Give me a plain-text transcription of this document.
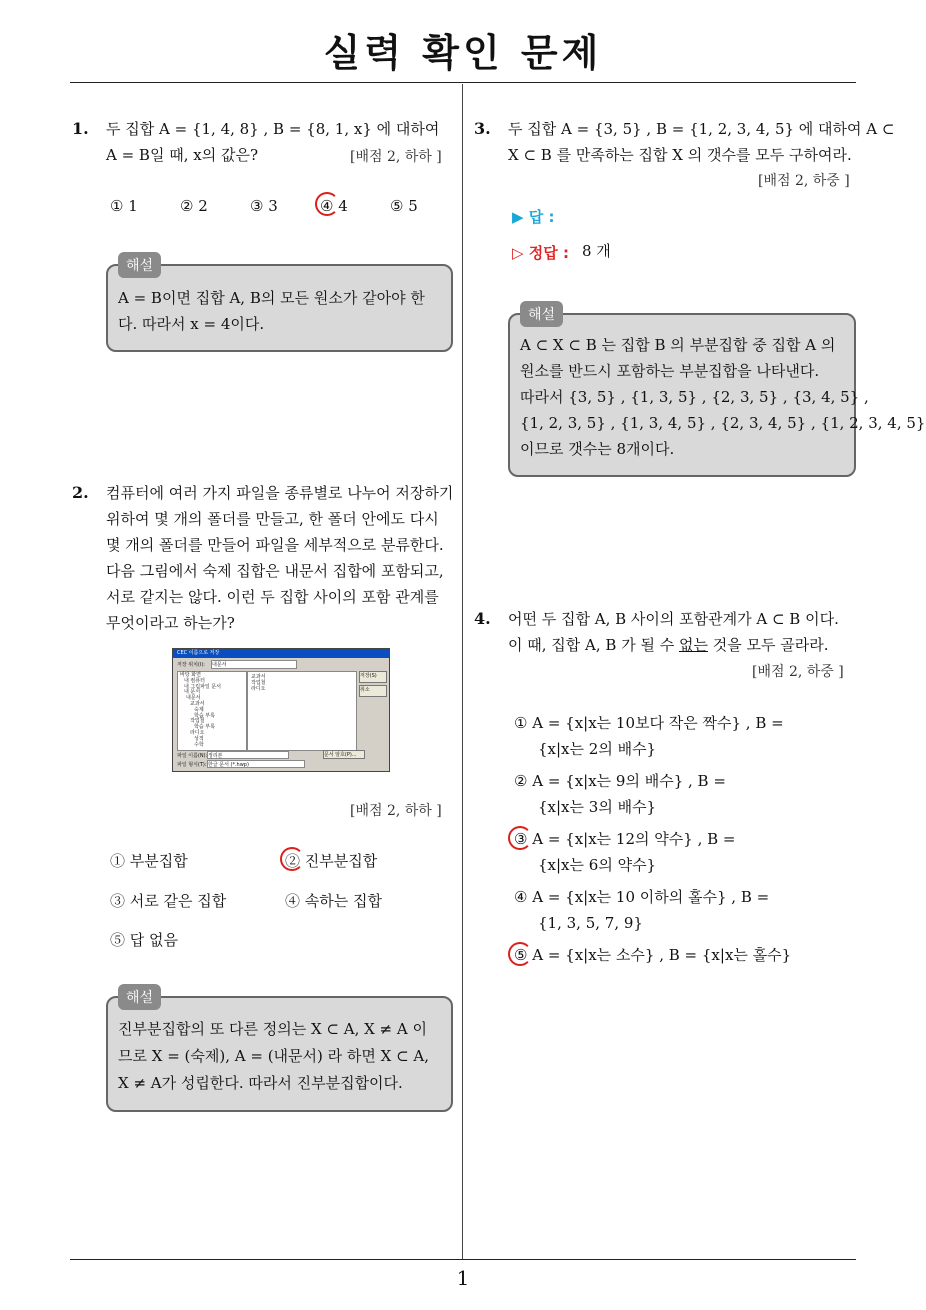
실력 확인 문제
1. 두 집합 A = {1, 4, 8} , B = {8, 1, x} 에 대하여
A = B일 때, x의 값은?	[배점 2, 하하 ]
① 1	② 2	③ 3	④ 4	⑤ 5
해설
A = B이면 집합 A, B의 모든 원소가 같아야 한
다. 따라서 x = 4이다.
2. 컴퓨터에 여러 가지 파일을 종류별로 나누어 저장하기
위하여 몇 개의 폴더를 만들고, 한 폴더 안에도 다시
몇 개의 폴더를 만들어 파일을 세부적으로 분류한다.
다음 그림에서 숙제 집합은 내문서 집합에 포함되고,
서로 같지는 않다. 이런 두 집합 사이의 포함 관계를
무엇이라고 하는가?
CEC 이름으로 저장
저장 위치(I): 내문서
바탕 화면
내 컴퓨터
내 그림파일 문서
내 문서
내문서
교과서
숙제
학습 부록
작업철
학습 부록
라디오
성적
수학
교과서
작업철
라디오
저장(S)
취소
파일 이름(N): 정리본
파일 형식(T): 한글 문서 (*.hwp)
문서 암호(P)...
[배점 2, 하하 ]
① 부분집합	② 진부분집합
③ 서로 같은 집합	④ 속하는 집합
⑤ 답 없음
해설
진부분집합의 또 다른 정의는 X ⊂ A, X ≠ A 이
므로 X = (숙제), A = (내문서) 라 하면 X ⊂ A,
X ≠ A가 성립한다. 따라서 진부분집합이다.
3. 두 집합 A = {3, 5} , B = {1, 2, 3, 4, 5} 에 대하여 A ⊂
X ⊂ B 를 만족하는 집합 X 의 갯수를 모두 구하여라.
[배점 2, 하중 ]
▶ 답 :
▷ 정답 : 8 개
해설
A ⊂ X ⊂ B 는 집합 B 의 부분집합 중 집합 A 의
원소를 반드시 포함하는 부분집합을 나타낸다.
따라서 {3, 5} , {1, 3, 5} , {2, 3, 5} , {3, 4, 5} ,
{1, 2, 3, 5} , {1, 3, 4, 5} , {2, 3, 4, 5} , {1, 2, 3, 4, 5}
이므로 갯수는 8개이다.
4. 어떤 두 집합 A, B 사이의 포함관계가 A ⊂ B 이다.
이 때, 집합 A, B 가 될 수 없는 것을 모두 골라라.
[배점 2, 하중 ]
① A = {x|x는 10보다 작은 짝수} , B =
{x|x는 2의 배수}
② A = {x|x는 9의 배수} , B =
{x|x는 3의 배수}
③ A = {x|x는 12의 약수} , B =
{x|x는 6의 약수}
④ A = {x|x는 10 이하의 홀수} , B =
{1, 3, 5, 7, 9}
⑤ A = {x|x는 소수} , B = {x|x는 홀수}
1
